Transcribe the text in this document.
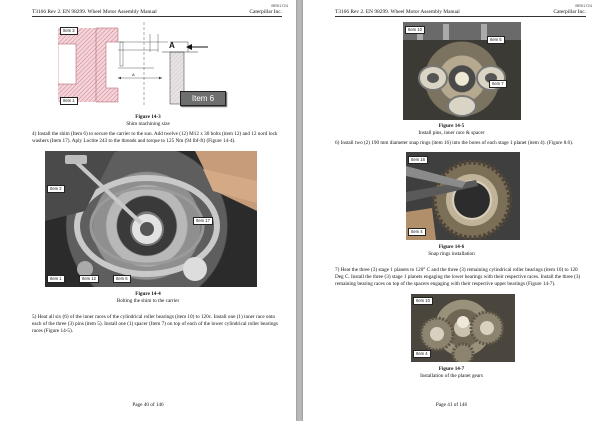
BR01724
T3166 Rev 2. EN 98299. Wheel Motor Assembly Manual	Caterpillar Inc.
Item 3
Item 1
A
A
Item 6
Figure 14-3
Shim machining size
4) Install the shim (Item 6) to secure the carrier to the sun. Add twelve (12) M12 x 30 bolts (item 12) and 12 nord lock washers (Item 17). Aply Loctite 243 to the threads and torque to 125 Nm (94 lbf-ft) (Figure 14-4).
Item 2
Item 17
Item 1	Item 12	Item 6
Figure 14-4
Bolting the shim to the carrier
5) Heat all six (6) of the inner races of the cylindrical roller bearings (item 10) to 120c. Install one (1) inner race onto each of the three (3) pins (item 5). Install one (1) spacer (Item 7) on top of each of the lower cylindrical roller bearings races (Figure 14-5).
Page 40 of 146
BR01724
T3166 Rev 2. EN 98299. Wheel Motor Assembly Manual	Caterpillar Inc.
Item 10
Item 5
Item 7
Figure 14-5
Install pins, inner race & spacer
6) Install two (2) 190 mm diameter snap rings (item 16) into the bores of each stage 1 planet (item 4). (Figure 8.6).
Item 16
Item 4
Figure 14-6
Snap rings installation
7) Heat the three (3) stage 1 planets to 120° C and the three (3) remaining cylindrical roller bearings (item 10) to 120 Deg C. Install the three (3) stage 1 planets engaging the lower bearings with their respective races. Install the three (3) remaining bearing races on top of the spacers engaging with their respective upper bearings (Figure 14-7).
Item 10
Item 4
Figure 14-7
Installation of the planet gears
Page 41 of 146
